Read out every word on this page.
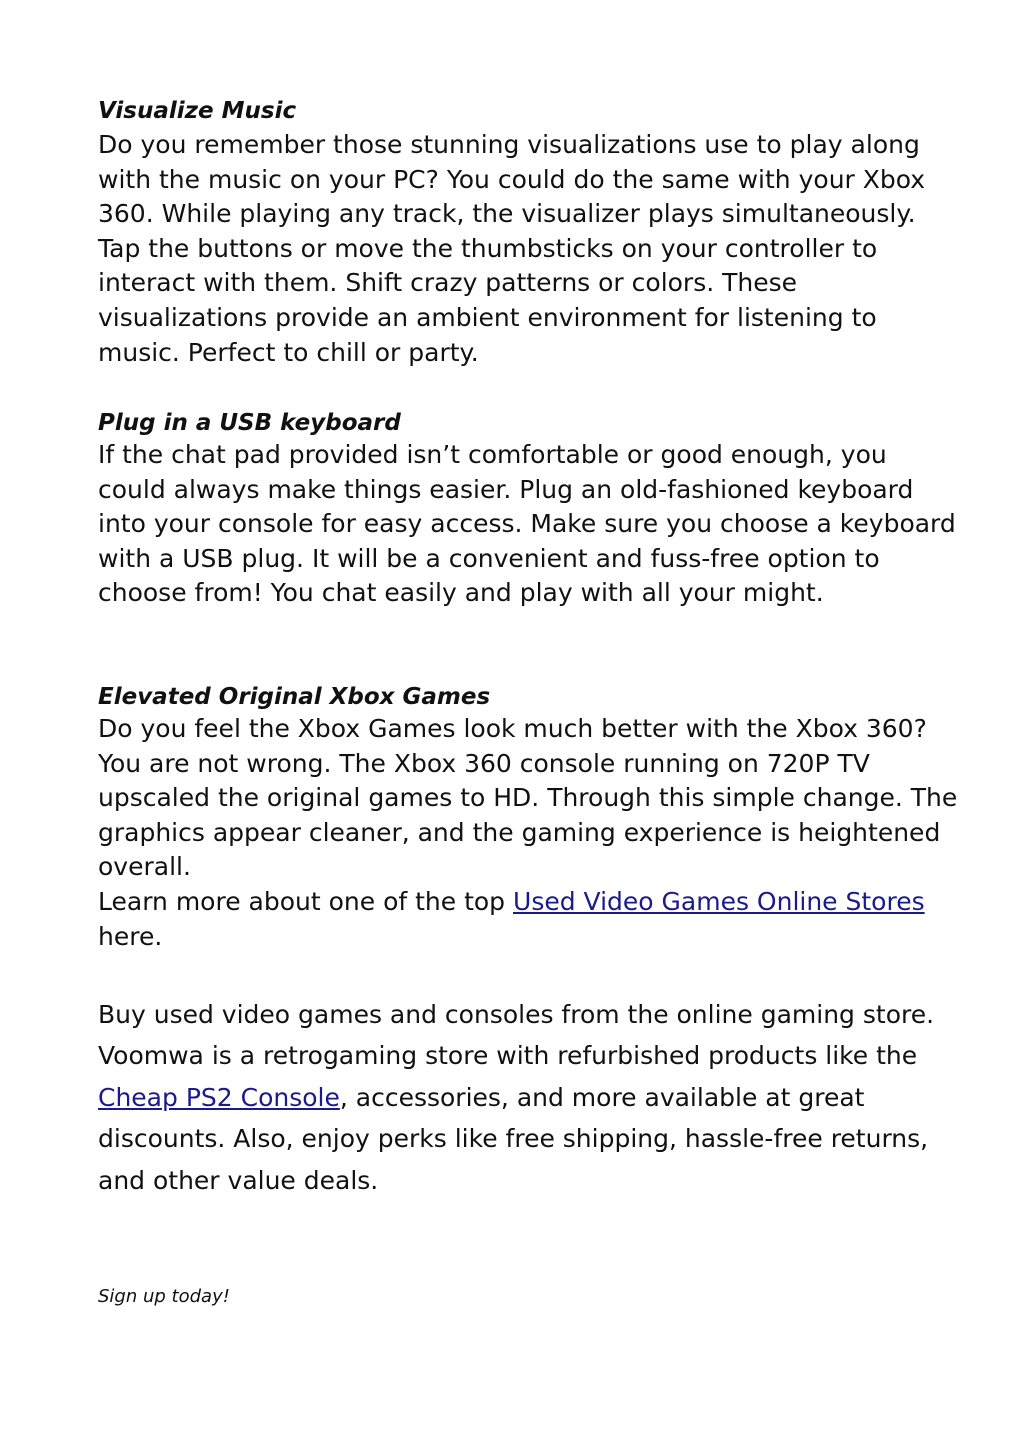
Visualize Music

Do you remember those stunning visualizations use to play along with the music on your PC? You could do the same with your Xbox 360. While playing any track, the visualizer plays simultaneously. Tap the buttons or move the thumbsticks on your controller to interact with them. Shift crazy patterns or colors. These visualizations provide an ambient environment for listening to music. Perfect to chill or party.

Plug in a USB keyboard

If the chat pad provided isn’t comfortable or good enough, you could always make things easier. Plug an old-fashioned keyboard into your console for easy access. Make sure you choose a keyboard with a USB plug. It will be a convenient and fuss-free option to choose from! You chat easily and play with all your might.

Elevated Original Xbox Games

Do you feel the Xbox Games look much better with the Xbox 360? You are not wrong. The Xbox 360 console running on 720P TV upscaled the original games to HD. Through this simple change. The graphics appear cleaner, and the gaming experience is heightened overall.

Learn more about one of the top Used Video Games Online Stores here.

Buy used video games and consoles from the online gaming store.

Voomwa is a retrogaming store with refurbished products like the Cheap PS2 Console, accessories, and more available at great discounts. Also, enjoy perks like free shipping, hassle-free returns, and other value deals.

Sign up today!
